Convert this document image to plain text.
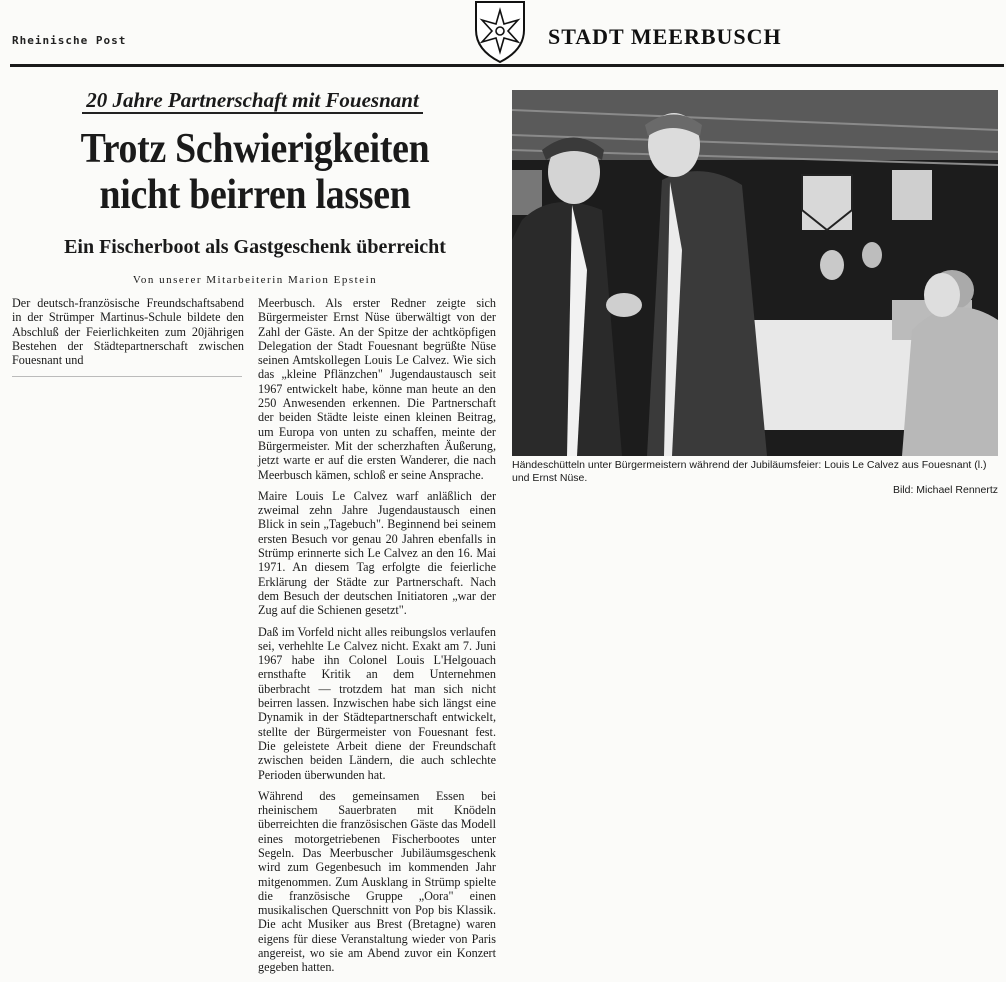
Rheinische Post	STADT MEERBUSCH
20 Jahre Partnerschaft mit Fouesnant
Trotz Schwierigkeiten
nicht beirren lassen
Ein Fischerboot als Gastgeschenk überreicht
Von unserer Mitarbeiterin Marion Epstein

Der deutsch-französische Freundschaftsabend in der Strümper Martinus-Schule bildete den Abschluß der Feierlichkeiten zum 20jährigen Bestehen der Städtepartnerschaft zwischen Fouesnant und

Meerbusch. Als erster Redner zeigte sich Bürgermeister Ernst Nüse überwältigt von der Zahl der Gäste. An der Spitze der achtköpfigen Delegation der Stadt Fouesnant begrüßte Nüse seinen Amtskollegen Louis Le Calvez. Wie sich das „kleine Pflänzchen" Jugendaustausch seit 1967 entwickelt habe, könne man heute an den 250 Anwesenden erkennen. Die Partnerschaft der beiden Städte leiste einen kleinen Beitrag, um Europa von unten zu schaffen, meinte der Bürgermeister. Mit der scherzhaften Äußerung, jetzt warte er auf die ersten Wanderer, die nach Meerbusch kämen, schloß er seine Ansprache.

Maire Louis Le Calvez warf anläßlich der zweimal zehn Jahre Jugendaustausch einen Blick in sein „Tagebuch". Beginnend bei seinem ersten Besuch vor genau 20 Jahren ebenfalls in Strümp erinnerte sich Le Calvez an den 16. Mai 1971. An diesem Tag erfolgte die feierliche Erklärung der Städte zur Partnerschaft. Nach dem Besuch der deutschen Initiatoren „war der Zug auf die Schienen gesetzt".

Daß im Vorfeld nicht alles reibungslos verlaufen sei, verhehlte Le Calvez nicht. Exakt am 7. Juni 1967 habe ihn Colonel Louis L'Helgouach ernsthafte Kritik an dem Unternehmen überbracht — trotzdem hat man sich nicht beirren lassen. Inzwischen habe sich längst eine Dynamik in der Städtepartnerschaft entwickelt, stellte der Bürgermeister von Fouesnant fest. Die geleistete Arbeit diene der Freundschaft zwischen beiden Ländern, die auch schlechte Perioden überwunden hat.

Während des gemeinsamen Essen bei rheinischem Sauerbraten mit Knödeln überreichten die französischen Gäste das Modell eines motorgetriebenen Fischerbootes unter Segeln. Das Meerbuscher Jubiläumsgeschenk wird zum Gegenbesuch im kommenden Jahr mitgenommen. Zum Ausklang in Strümp spielte die französische Gruppe „Oora" einen musikalischen Querschnitt von Pop bis Klassik. Die acht Musiker aus Brest (Bretagne) waren eigens für diese Veranstaltung wieder von Paris angereist, wo sie am Abend zuvor ein Konzert gegeben hatten.

Händeschütteln unter Bürgermeistern während der Jubiläumsfeier: Louis Le Calvez aus Fouesnant (l.) und Ernst Nüse.
Bild: Michael Rennertz
